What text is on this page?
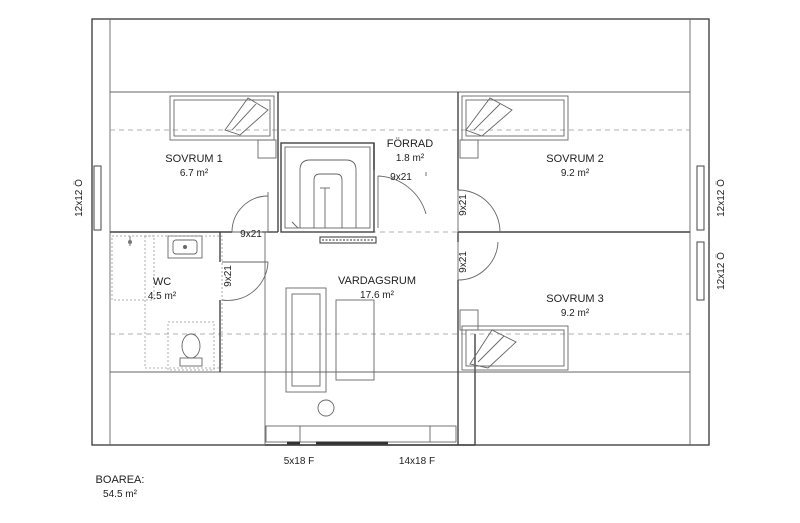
SOVRUM 1
6.7 m²
FÖRRAD
1.8 m²	SOVRUM 2
9.2 m²
SOVRUM 3
9.2 m²
WC
4.5 m²
VARDAGSRUM
17.6 m²
9x21
9x21
9x21
9x21
9x21
12x12 Ö	12x12 Ö
12x12 Ö
5x18 F	14x18 F
BOAREA:
54.5 m²
